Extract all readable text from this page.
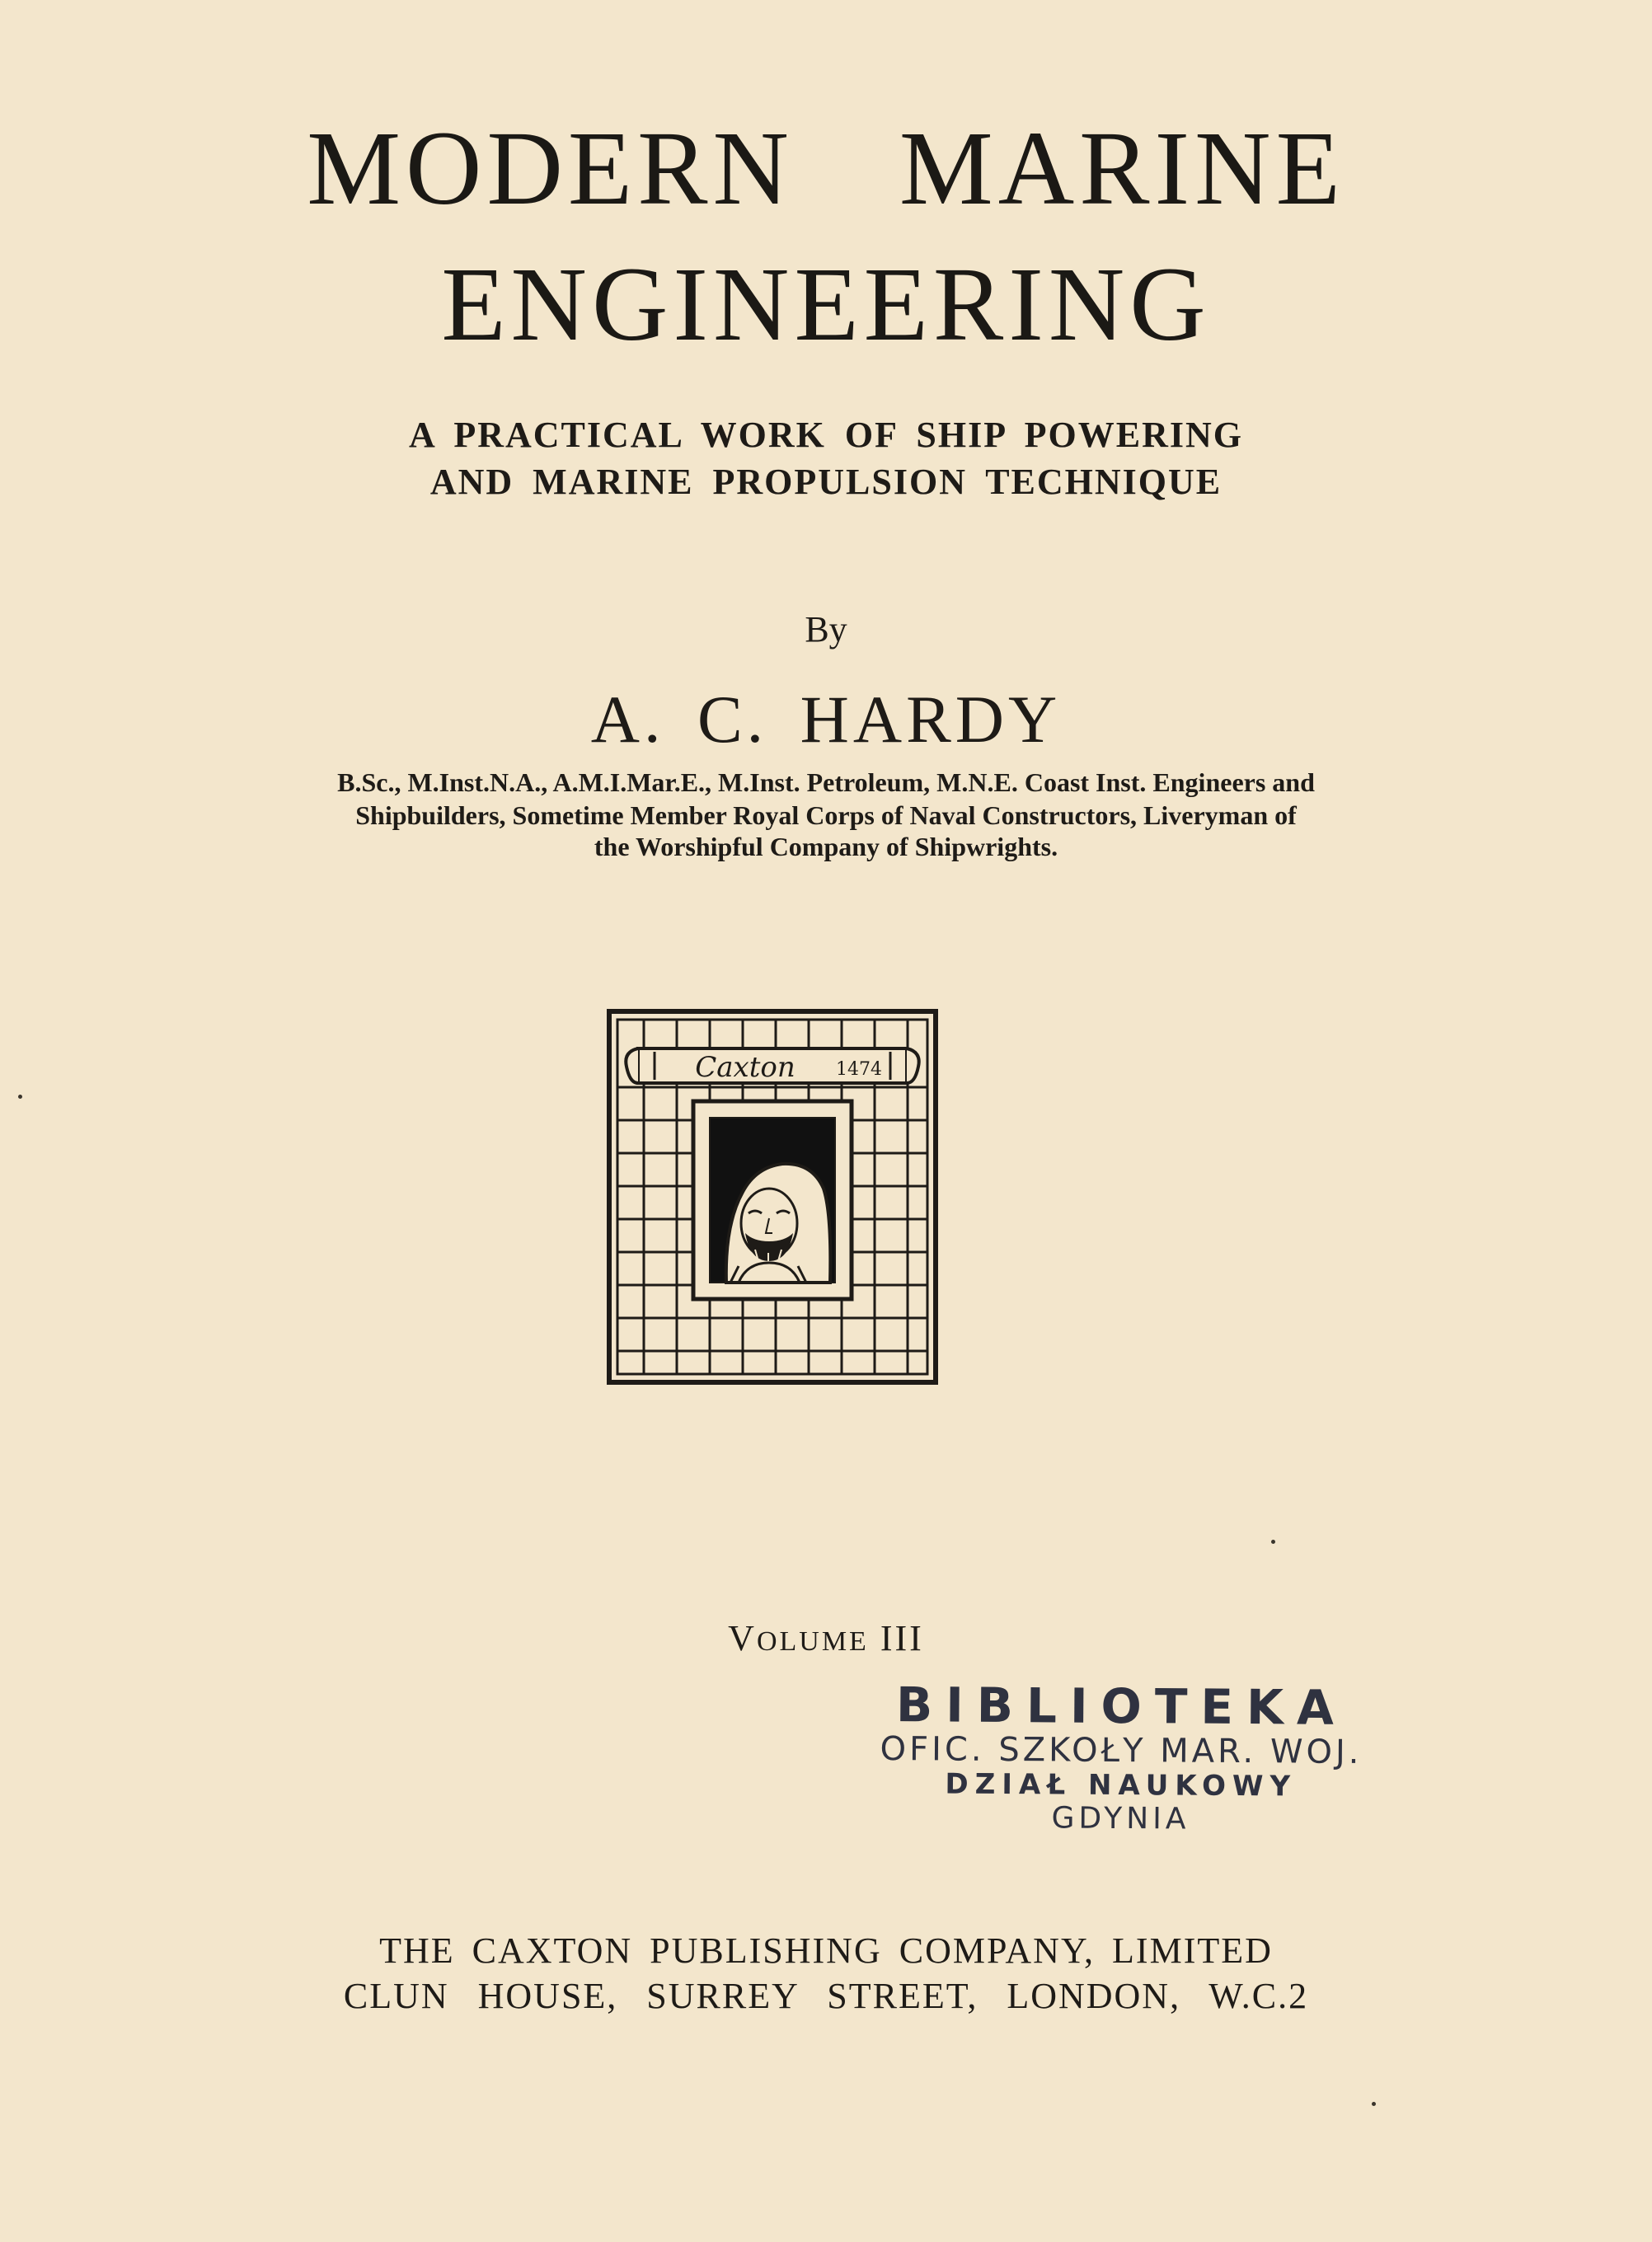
MODERN MARINE
ENGINEERING
A PRACTICAL WORK OF SHIP POWERING
AND MARINE PROPULSION TECHNIQUE
By
A. C. HARDY
B.Sc., M.Inst.N.A., A.M.I.Mar.E., M.Inst. Petroleum, M.N.E. Coast Inst. Engineers and
Shipbuilders, Sometime Member Royal Corps of Naval Constructors, Liveryman of
the Worshipful Company of Shipwrights.
Caxton 1474
VOLUME III
BIBLIOTEKA
OFIC. SZKOŁY MAR. WOJ.
DZIAŁ NAUKOWY
GDYNIA
THE CAXTON PUBLISHING COMPANY, LIMITED
CLUN HOUSE, SURREY STREET, LONDON, W.C.2
